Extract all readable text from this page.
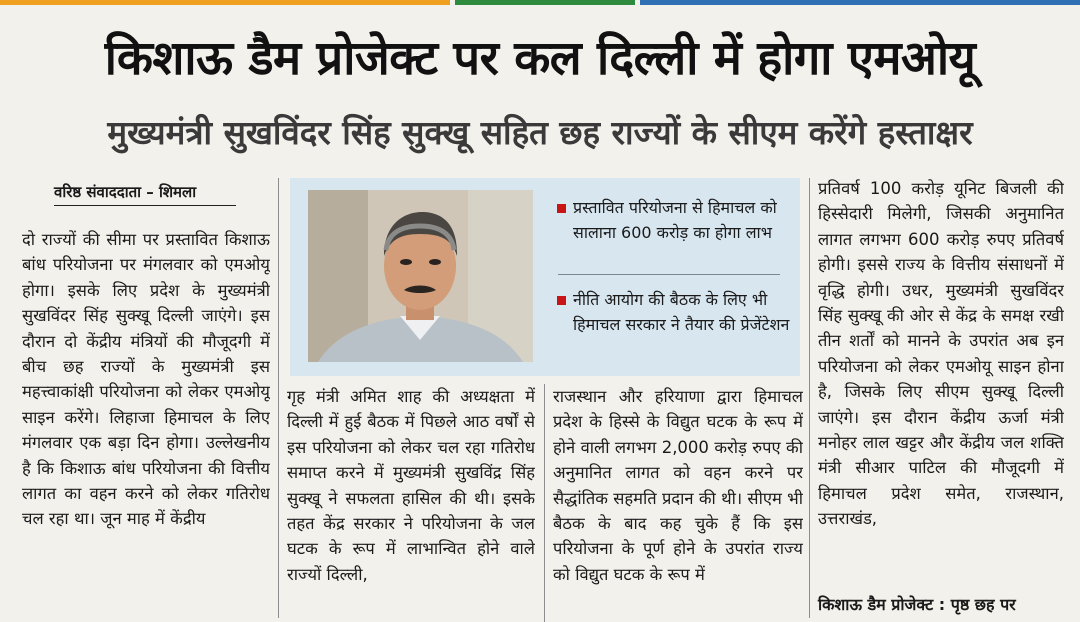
किशाऊ डैम प्रोजेक्ट पर कल दिल्ली में होगा एमओयू
मुख्यमंत्री सुखविंदर सिंह सुक्खू सहित छह राज्यों के सीएम करेंगे हस्ताक्षर
वरिष्ठ संवाददाता – शिमला
दो राज्यों की सीमा पर प्रस्तावित किशाऊ बांध परियोजना पर मंगलवार को एमओयू होगा। इसके लिए प्रदेश के मुख्यमंत्री सुखविंदर सिंह सुक्खू दिल्ली जाएंगे। इस दौरान दो केंद्रीय मंत्रियों की मौजूदगी में बीच छह राज्यों के मुख्यमंत्री इस महत्त्वाकांक्षी परियोजना को लेकर एमओयू साइन करेंगे। लिहाजा हिमाचल के लिए मंगलवार एक बड़ा दिन होगा। उल्लेखनीय है कि किशाऊ बांध परियोजना की वित्तीय लागत का वहन करने को लेकर गतिरोध चल रहा था। जून माह में केंद्रीय
प्रस्तावित परियोजना से हिमाचल को सालाना 600 करोड़ का होगा लाभ
नीति आयोग की बैठक के लिए भी हिमाचल सरकार ने तैयार की प्रेजेंटेशन
गृह मंत्री अमित शाह की अध्यक्षता में दिल्ली में हुई बैठक में पिछले आठ वर्षों से इस परियोजना को लेकर चल रहा गतिरोध समाप्त करने में मुख्यमंत्री सुखविंद्र सिंह सुक्खू ने सफलता हासिल की थी। इसके तहत केंद्र सरकार ने परियोजना के जल घटक के रूप में लाभान्वित होने वाले राज्यों दिल्ली,
राजस्थान और हरियाणा द्वारा हिमाचल प्रदेश के हिस्से के विद्युत घटक के रूप में होने वाली लगभग 2,000 करोड़ रुपए की अनुमानित लागत को वहन करने पर सैद्धांतिक सहमति प्रदान की थी। सीएम भी बैठक के बाद कह चुके हैं कि इस परियोजना के पूर्ण होने के उपरांत राज्य को विद्युत घटक के रूप में
प्रतिवर्ष 100 करोड़ यूनिट बिजली की हिस्सेदारी मिलेगी, जिसकी अनुमानित लागत लगभग 600 करोड़ रुपए प्रतिवर्ष होगी। इससे राज्य के वित्तीय संसाधनों में वृद्धि होगी। उधर, मुख्यमंत्री सुखविंदर सिंह सुक्खू की ओर से केंद्र के समक्ष रखी तीन शर्तों को मानने के उपरांत अब इन परियोजना को लेकर एमओयू साइन होना है, जिसके लिए सीएम सुक्खू दिल्ली जाएंगे। इस दौरान केंद्रीय ऊर्जा मंत्री मनोहर लाल खट्टर और केंद्रीय जल शक्ति मंत्री सीआर पाटिल की मौजूदगी में हिमाचल प्रदेश समेत, राजस्थान, उत्तराखंड,
किशाऊ डैम प्रोजेक्ट : पृष्ठ छह पर
